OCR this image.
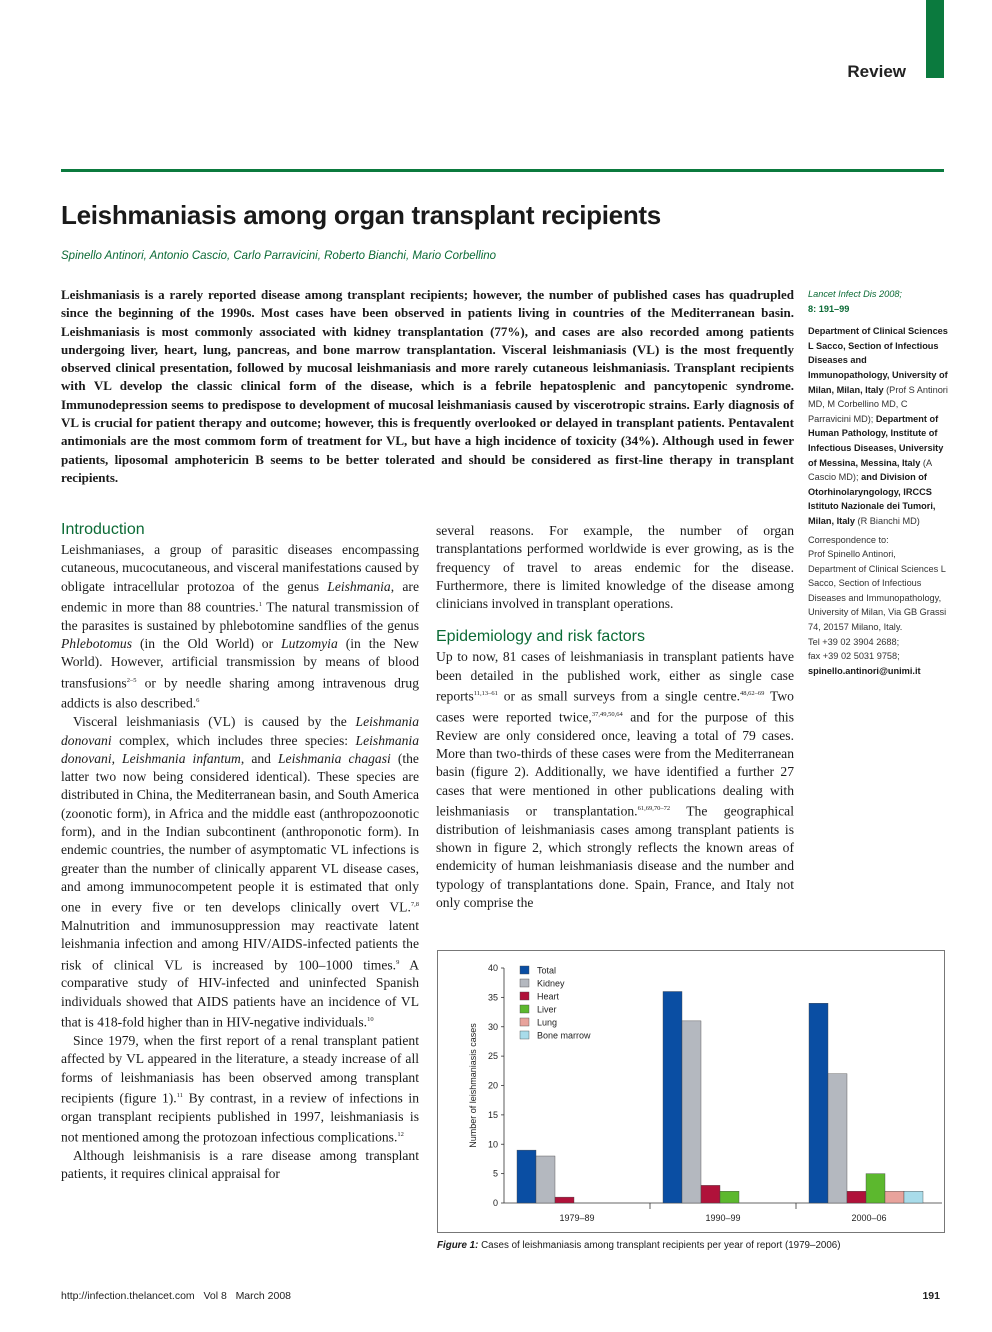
Review
Leishmaniasis among organ transplant recipients
Spinello Antinori, Antonio Cascio, Carlo Parravicini, Roberto Bianchi, Mario Corbellino
Leishmaniasis is a rarely reported disease among transplant recipients; however, the number of published cases has quadrupled since the beginning of the 1990s. Most cases have been observed in patients living in countries of the Mediterranean basin. Leishmaniasis is most commonly associated with kidney transplantation (77%), and cases are also recorded among patients undergoing liver, heart, lung, pancreas, and bone marrow transplantation. Visceral leishmaniasis (VL) is the most frequently observed clinical presentation, followed by mucosal leishmaniasis and more rarely cutaneous leishmaniasis. Transplant recipients with VL develop the classic clinical form of the disease, which is a febrile hepatosplenic and pancytopenic syndrome. Immunodepression seems to predispose to development of mucosal leishmaniasis caused by viscerotropic strains. Early diagnosis of VL is crucial for patient therapy and outcome; however, this is frequently overlooked or delayed in transplant patients. Pentavalent antimonials are the most commom form of treatment for VL, but have a high incidence of toxicity (34%). Although used in fewer patients, liposomal amphotericin B seems to be better tolerated and should be considered as first-line therapy in transplant recipients.
Lancet Infect Dis 2008;
8: 191–99
Department of Clinical Sciences L Sacco, Section of Infectious Diseases and Immunopathology, University of Milan, Milan, Italy (Prof S Antinori MD, M Corbellino MD, C Parravicini MD); Department of Human Pathology, Institute of Infectious Diseases, University of Messina, Messina, Italy (A Cascio MD); and Division of Otorhinolaryngology, IRCCS Istituto Nazionale dei Tumori, Milan, Italy (R Bianchi MD)
Correspondence to:
Prof Spinello Antinori,
Department of Clinical Sciences L Sacco, Section of Infectious Diseases and Immunopathology, University of Milan, Via GB Grassi 74, 20157 Milano, Italy.
Tel +39 02 3904 2688;
fax +39 02 5031 9758;
spinello.antinori@unimi.it
Introduction

Leishmaniases, a group of parasitic diseases encompassing cutaneous, mucocutaneous, and visceral manifestations caused by obligate intracellular protozoa of the genus Leishmania, are endemic in more than 88 countries.$^1$ The natural transmission of the parasites is sustained by phlebotomine sandflies of the genus Phlebotomus (in the Old World) or Lutzomyia (in the New World). However, artificial transmission by means of blood transfusions$^{2-5}$ or by needle sharing among intravenous drug addicts is also described.$^6$

Visceral leishmaniasis (VL) is caused by the Leishmania donovani complex, which includes three species: Leishmania donovani, Leishmania infantum, and Leishmania chagasi (the latter two now being considered identical). These species are distributed in China, the Mediterranean basin, and South America (zoonotic form), in Africa and the middle east (anthropozoonotic form), and in the Indian subcontinent (anthroponotic form). In endemic countries, the number of asymptomatic VL infections is greater than the number of clinically apparent VL disease cases, and among immunocompetent people it is estimated that only one in every five or ten develops clinically overt VL.$^{7,8}$ Malnutrition and immunosuppression may reactivate latent leishmania infection and among HIV/AIDS-infected patients the risk of clinical VL is increased by 100–1000 times.$^9$ A comparative study of HIV-infected and uninfected Spanish individuals showed that AIDS patients have an incidence of VL that is 418-fold higher than in HIV-negative individuals.$^{10}$

Since 1979, when the first report of a renal transplant patient affected by VL appeared in the literature, a steady increase of all forms of leishmaniasis has been observed among transplant recipients (figure 1).$^{11}$ By contrast, in a review of infections in organ transplant recipients published in 1997, leishmaniasis is not mentioned among the protozoan infectious complications.$^{12}$

Although leishmanisis is a rare disease among transplant patients, it requires clinical appraisal for

several reasons. For example, the number of organ transplantations performed worldwide is ever growing, as is the frequency of travel to areas endemic for the disease. Furthermore, there is limited knowledge of the disease among clinicians involved in transplant operations.

Epidemiology and risk factors

Up to now, 81 cases of leishmaniasis in transplant patients have been detailed in the published work, either as single case reports$^{11,13-61}$ or as small surveys from a single centre.$^{48,62-69}$ Two cases were reported twice,$^{37,49,50,64}$ and for the purpose of this Review are only considered once, leaving a total of 79 cases. More than two-thirds of these cases were from the Mediterranean basin (figure 2). Additionally, we have identified a further 27 cases that were mentioned in other publications dealing with leishmaniasis or transplantation.$^{61,69,70-72}$ The geographical distribution of leishmaniasis cases among transplant patients is shown in figure 2, which strongly reflects the known areas of endemicity of human leishmaniasis disease and the number and typology of transplantations done. Spain, France, and Italy not only comprise the

0
5
10
15
20
25
30
35
40
Number of leishmaniasis cases
1979–89	1990–99	2000–06
Total
Kidney
Heart
Liver
Lung
Bone marrow
Figure 1: Cases of leishmaniasis among transplant recipients per year of report (1979–2006)
http://infection.thelancet.com Vol 8 March 2008	191
